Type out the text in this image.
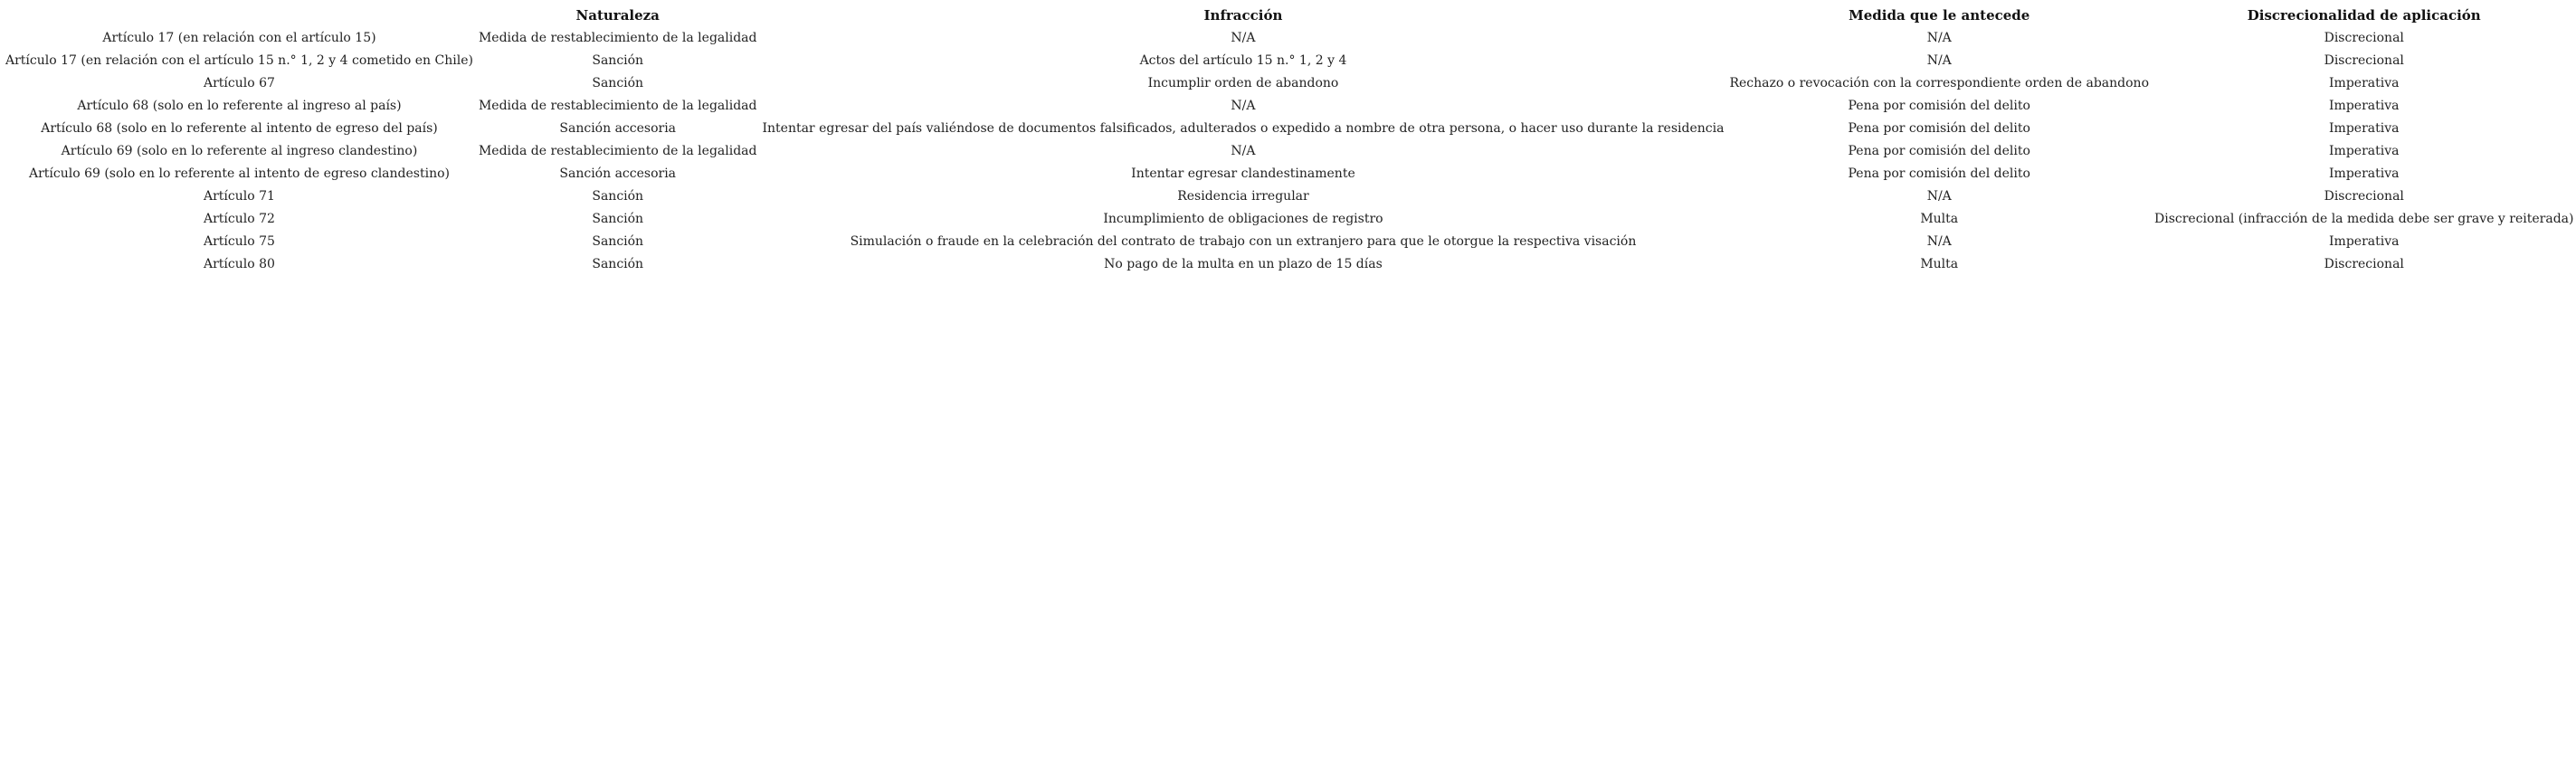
	Naturaleza	Infracción	Medida que le antecede	Discrecionalidad de aplicación
Artículo 17 (en relación con el artículo 15)	Medida de restablecimiento de la legalidad	N/A	N/A	Discrecional
Artículo 17 (en relación con el artículo 15 n.° 1, 2 y 4 cometido en Chile)	Sanción	Actos del artículo 15 n.° 1, 2 y 4	N/A	Discrecional
Artículo 67	Sanción	Incumplir orden de abandono	Rechazo o revocación con la correspondiente orden de abandono	Imperativa
Artículo 68 (solo en lo referente al ingreso al país)	Medida de restablecimiento de la legalidad	N/A	Pena por comisión del delito	Imperativa
Artículo 68 (solo en lo referente al intento de egreso del país)	Sanción accesoria	Intentar egresar del país valiéndose de documentos falsificados, adulterados o expedido a nombre de otra persona, o hacer uso durante la residencia	Pena por comisión del delito	Imperativa
Artículo 69 (solo en lo referente al ingreso clandestino)	Medida de restablecimiento de la legalidad	N/A	Pena por comisión del delito	Imperativa
Artículo 69 (solo en lo referente al intento de egreso clandestino)	Sanción accesoria	Intentar egresar clandestinamente	Pena por comisión del delito	Imperativa
Artículo 71	Sanción	Residencia irregular	N/A	Discrecional
Artículo 72	Sanción	Incumplimiento de obligaciones de registro	Multa	Discrecional (infracción de la medida debe ser grave y reiterada)
Artículo 75	Sanción	Simulación o fraude en la celebración del contrato de trabajo con un extranjero para que le otorgue la respectiva visación	N/A	Imperativa
Artículo 80	Sanción	No pago de la multa en un plazo de 15 días	Multa	Discrecional
